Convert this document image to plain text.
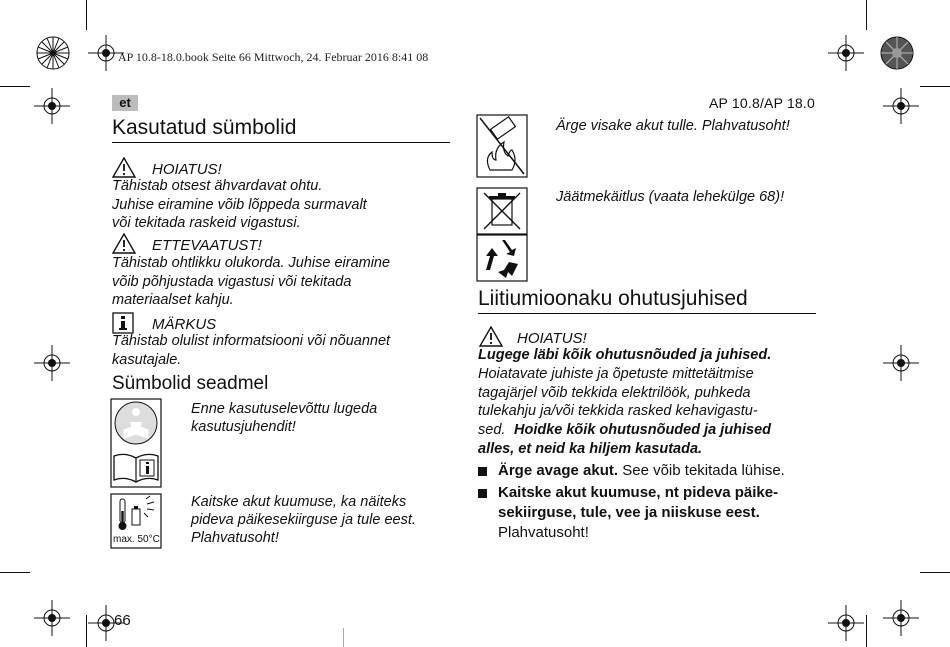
AP 10.8-18.0.book Seite 66 Mittwoch, 24. Februar 2016 8:41 08
et	AP 10.8/AP 18.0
Kasutatud sümbolid
HOIATUS!
Tähistab otsest ähvardavat ohtu.
Juhise eiramine võib lõppeda surmavalt
või tekitada raskeid vigastusi.
ETTEVAATUST!
Tähistab ohtlikku olukorda. Juhise eiramine
võib põhjustada vigastusi või tekitada
materiaalset kahju.
MÄRKUS
Tähistab olulist informatsiooni või nõuannet
kasutajale.
Sümbolid seadmel
Enne kasutuselevõttu lugeda
kasutusjuhendit!
max. 50°C
Kaitske akut kuumuse, ka näiteks
pideva päikesekiirguse ja tule eest.
Plahvatusoht!
66
Ärge visake akut tulle. Plahvatusoht!
Jäätmekäitlus (vaata lehekülge 68)!
Liitiumioonaku ohutusjuhised
HOIATUS!
Lugege läbi kõik ohutusnõuded ja juhised.
Hoiatavate juhiste ja õpetuste mittetäitmise
tagajärjel võib tekkida elektrilöök, puhkeda
tulekahju ja/või tekkida rasked kehavigastu-
sed. Hoidke kõik ohutusnõuded ja juhised
alles, et neid ka hiljem kasutada.
Ärge avage akut. See võib tekitada lühise.
Kaitske akut kuumuse, nt pideva päike-
sekiirguse, tule, vee ja niiskuse eest.
Plahvatusoht!
